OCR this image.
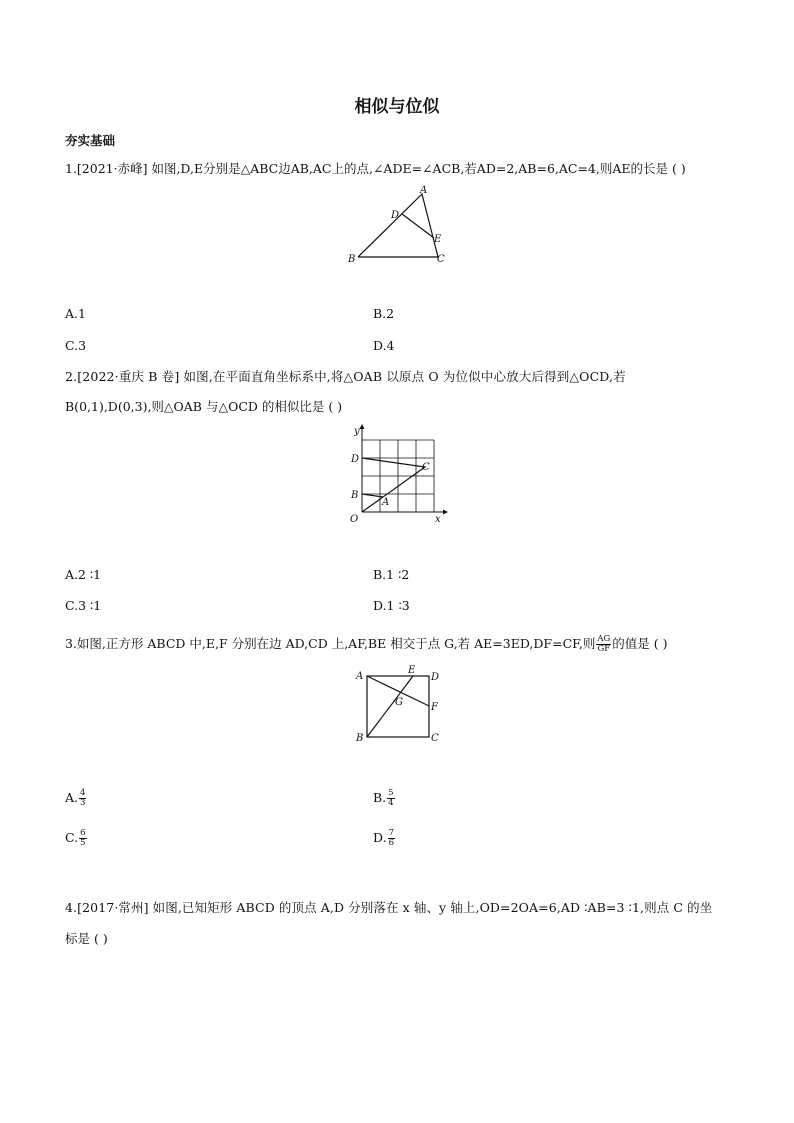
相似与位似
夯实基础
1.[2021·赤峰] 如图,D,E分别是△ABC边AB,AC上的点,∠ADE=∠ACB,若AD=2,AB=6,AC=4,则AE的长是 ( )
A
D
E
B	C
A.1	B.2
C.3	D.4
2.[2022·重庆 B 卷] 如图,在平面直角坐标系中,将△OAB 以原点 O 为位似中心放大后得到△OCD,若
B(0,1),D(0,3),则△OAB 与△OCD 的相似比是 ( )
y
D
C
B
A
O	x
A.2 ∶1	B.1 ∶2
C.3 ∶1	D.1 ∶3
3.如图,正方形 ABCD 中,E,F 分别在边 AD,CD 上,AF,BE 相交于点 G,若 AE=3ED,DF=CF,则 $\frac{AG}{GF}$ 的值是 ( )
A
E
D
G	F
B	C
A. $\frac{4}{3}$	B. $\frac{5}{4}$
C. $\frac{6}{5}$	D. $\frac{7}{6}$
4.[2017·常州] 如图,已知矩形 ABCD 的顶点 A,D 分别落在 x 轴、y 轴上,OD=2OA=6,AD ∶AB=3 ∶1,则点 C 的坐
标是 ( )
